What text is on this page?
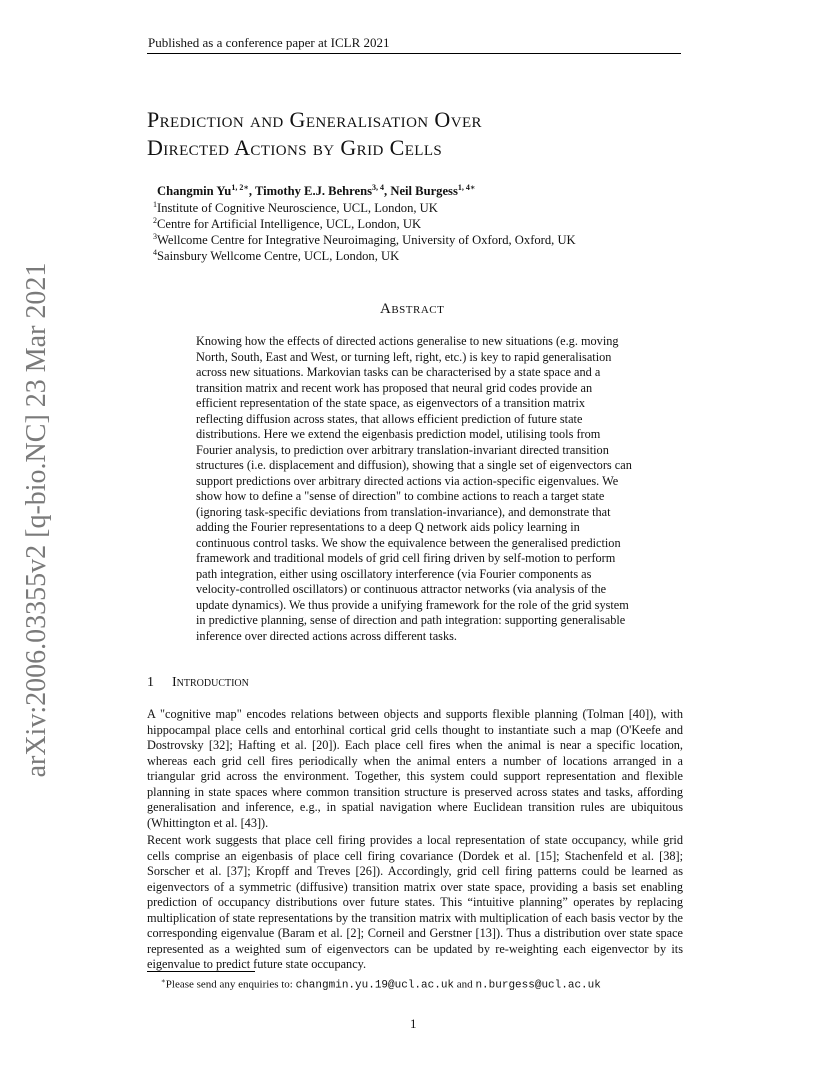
Published as a conference paper at ICLR 2021
arXiv:2006.03355v2 [q-bio.NC] 23 Mar 2021
Prediction and Generalisation Over
Directed Actions by Grid Cells
Changmin $Yu^{1, 2∗}$, Timothy E.J. Behrens$^{3, 4}$, Neil Burgess$^{1, 4∗}$
$^1$Institute of Cognitive Neuroscience, UCL, London, UK
$^2$Centre for Artificial Intelligence, UCL, London, UK
$^3$Wellcome Centre for Integrative Neuroimaging, University of Oxford, Oxford, UK
$^4$Sainsbury Wellcome Centre, UCL, London, UK
Abstract
Knowing how the effects of directed actions generalise to new situations (e.g. moving North, South, East and West, or turning left, right, etc.) is key to rapid generalisation across new situations. Markovian tasks can be characterised by a state space and a transition matrix and recent work has proposed that neural grid codes provide an efficient representation of the state space, as eigenvectors of a transition matrix reflecting diffusion across states, that allows efficient prediction of future state distributions. Here we extend the eigenbasis prediction model, utilising tools from Fourier analysis, to prediction over arbitrary translation-invariant directed transition structures (i.e. displacement and diffusion), showing that a single set of eigenvectors can support predictions over arbitrary directed actions via action-specific eigenvalues. We show how to define a "sense of direction" to combine actions to reach a target state (ignoring task-specific deviations from translation-invariance), and demonstrate that adding the Fourier representations to a deep Q network aids policy learning in continuous control tasks. We show the equivalence between the generalised prediction framework and traditional models of grid cell firing driven by self-motion to perform path integration, either using oscillatory interference (via Fourier components as velocity-controlled oscillators) or continuous attractor networks (via analysis of the update dynamics). We thus provide a unifying framework for the role of the grid system in predictive planning, sense of direction and path integration: supporting generalisable inference over directed actions across different tasks.
1 Introduction
A "cognitive map" encodes relations between objects and supports flexible planning (Tolman [40]), with hippocampal place cells and entorhinal cortical grid cells thought to instantiate such a map (O'Keefe and Dostrovsky [32]; Hafting et al. [20]). Each place cell fires when the animal is near a specific location, whereas each grid cell fires periodically when the animal enters a number of locations arranged in a triangular grid across the environment. Together, this system could support representation and flexible planning in state spaces where common transition structure is preserved across states and tasks, affording generalisation and inference, e.g., in spatial navigation where Euclidean transition rules are ubiquitous (Whittington et al. [43]).
Recent work suggests that place cell firing provides a local representation of state occupancy, while grid cells comprise an eigenbasis of place cell firing covariance (Dordek et al. [15]; Stachenfeld et al. [38]; Sorscher et al. [37]; Kropff and Treves [26]). Accordingly, grid cell firing patterns could be learned as eigenvectors of a symmetric (diffusive) transition matrix over state space, providing a basis set enabling prediction of occupancy distributions over future states. This “intuitive planning” operates by replacing multiplication of state representations by the transition matrix with multiplication of each basis vector by the corresponding eigenvalue (Baram et al. [2]; Corneil and Gerstner [13]). Thus a distribution over state space represented as a weighted sum of eigenvectors can be updated by re-weighting each eigenvector by its eigenvalue to predict future state occupancy.
∗Please send any enquiries to: changmin.yu.19@ucl.ac.uk and n.burgess@ucl.ac.uk
1
